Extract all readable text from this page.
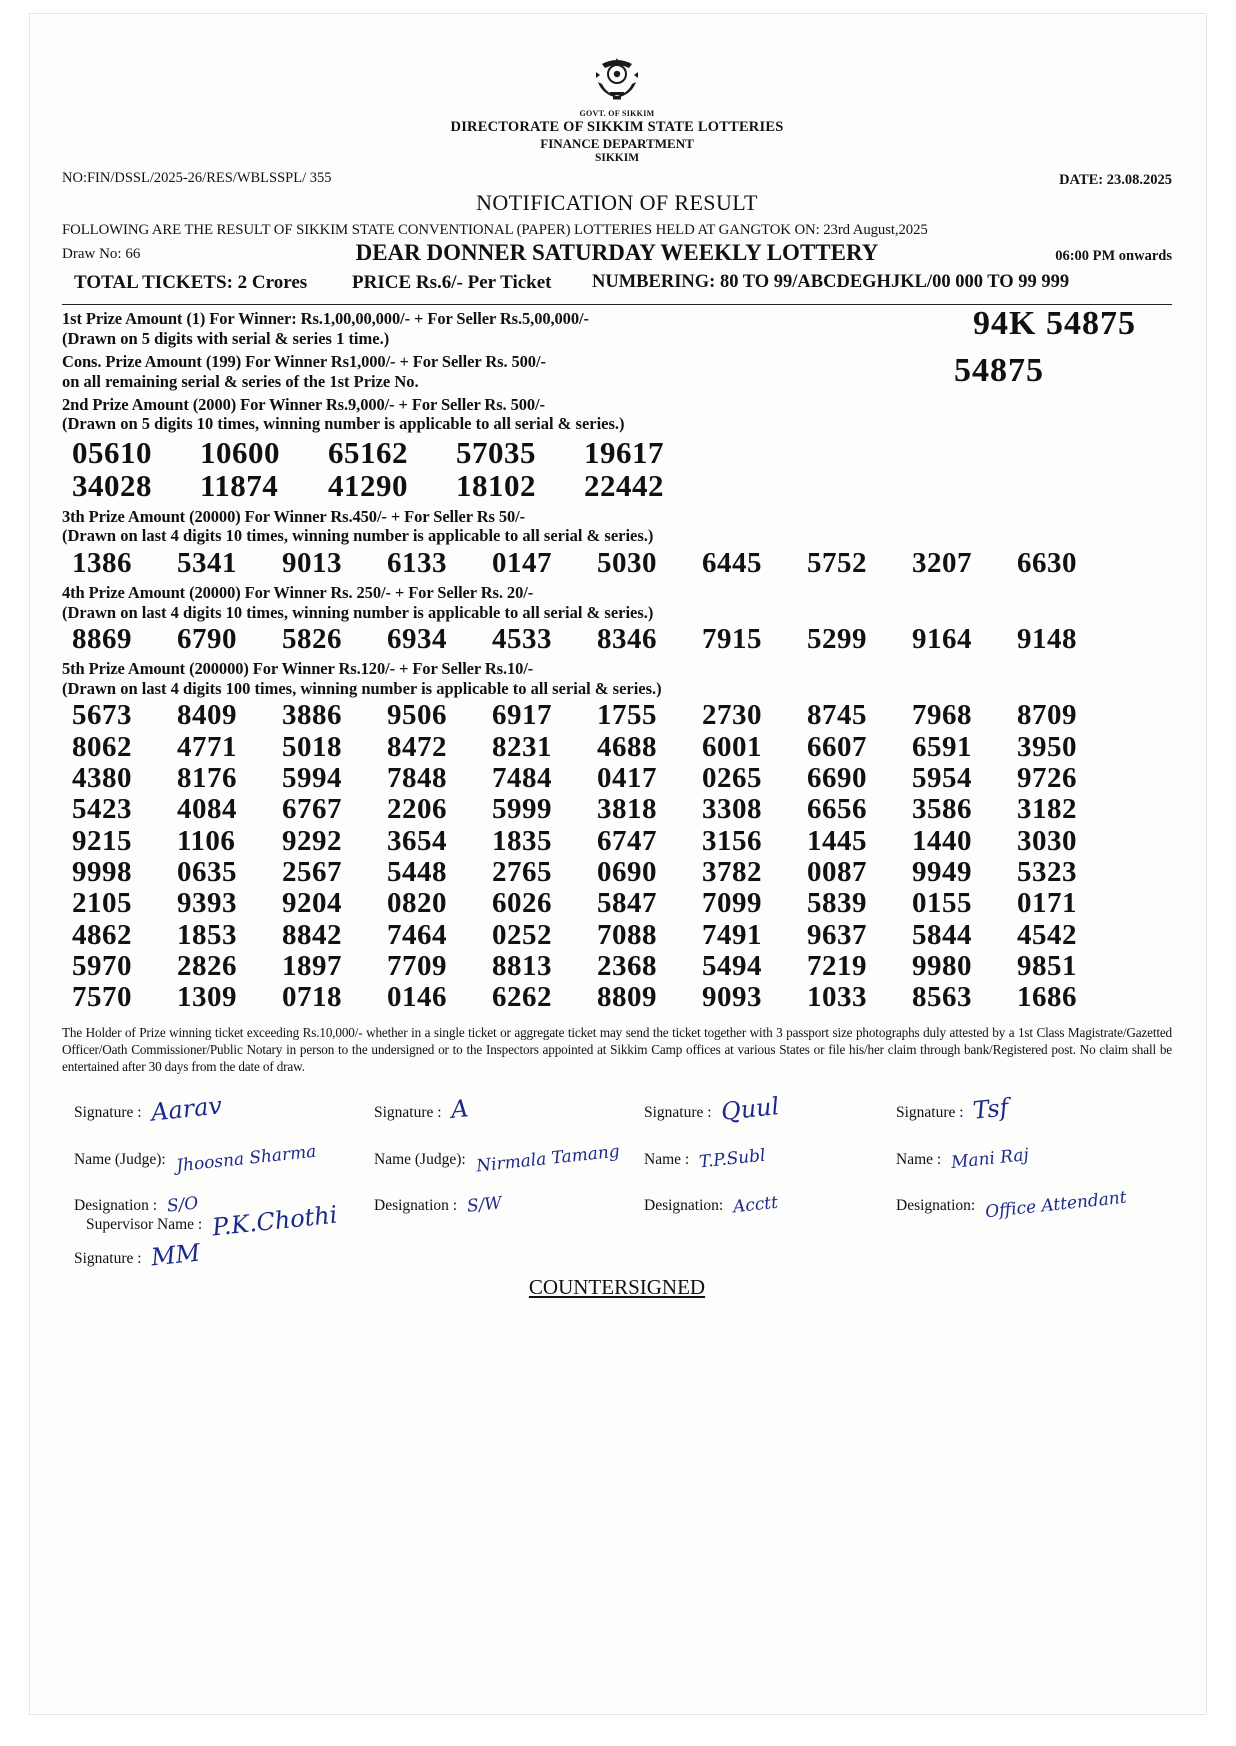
GOVT. OF SIKKIM
DIRECTORATE OF SIKKIM STATE LOTTERIES
FINANCE DEPARTMENT
SIKKIM
NO:FIN/DSSL/2025-26/RES/WBLSSPL/ 355	DATE: 23.08.2025
NOTIFICATION OF RESULT
FOLLOWING ARE THE RESULT OF SIKKIM STATE CONVENTIONAL (PAPER) LOTTERIES HELD AT GANGTOK ON: 23rd August,2025
Draw No: 66	DEAR DONNER SATURDAY WEEKLY LOTTERY	06:00 PM onwards
TOTAL TICKETS: 2 Crores PRICE Rs.6/- Per Ticket NUMBERING: 80 TO 99/ABCDEGHJKL/00 000 TO 99 999
1st Prize Amount (1) For Winner: Rs.1,00,00,000/- + For Seller Rs.5,00,000/-
(Drawn on 5 digits with serial & series 1 time.)	94K 54875
Cons. Prize Amount (199) For Winner Rs1,000/- + For Seller Rs. 500/-
on all remaining serial & series of the 1st Prize No.	54875
2nd Prize Amount (2000) For Winner Rs.9,000/- + For Seller Rs. 500/-
(Drawn on 5 digits 10 times, winning number is applicable to all serial & series.)
05610	10600	65162	57035	19617
34028	11874	41290	18102	22442
3th Prize Amount (20000) For Winner Rs.450/- + For Seller Rs 50/-
(Drawn on last 4 digits 10 times, winning number is applicable to all serial & series.)
1386	5341	9013	6133	0147	5030	6445	5752	3207	6630
4th Prize Amount (20000) For Winner Rs. 250/- + For Seller Rs. 20/-
(Drawn on last 4 digits 10 times, winning number is applicable to all serial & series.)
8869	6790	5826	6934	4533	8346	7915	5299	9164	9148
5th Prize Amount (200000) For Winner Rs.120/- + For Seller Rs.10/-
(Drawn on last 4 digits 100 times, winning number is applicable to all serial & series.)
5673	8409	3886	9506	6917	1755	2730	8745	7968	8709
8062	4771	5018	8472	8231	4688	6001	6607	6591	3950
4380	8176	5994	7848	7484	0417	0265	6690	5954	9726
5423	4084	6767	2206	5999	3818	3308	6656	3586	3182
9215	1106	9292	3654	1835	6747	3156	1445	1440	3030
9998	0635	2567	5448	2765	0690	3782	0087	9949	5323
2105	9393	9204	0820	6026	5847	7099	5839	0155	0171
4862	1853	8842	7464	0252	7088	7491	9637	5844	4542
5970	2826	1897	7709	8813	2368	5494	7219	9980	9851
7570	1309	0718	0146	6262	8809	9093	1033	8563	1686
The Holder of Prize winning ticket exceeding Rs.10,000/- whether in a single ticket or aggregate ticket may send the ticket together with 3 passport size photographs duly attested by a 1st Class Magistrate/Gazetted Officer/Oath Commissioner/Public Notary in person to the undersigned or to the Inspectors appointed at Sikkim Camp offices at various States or file his/her claim through bank/Registered post. No claim shall be entertained after 30 days from the date of draw.
Signature : Aarav
Name (Judge): Jhoosna Sharma
Designation : S/O
Signature : MM
Supervisor Name : P.K.Chothi
Signature : A
Name (Judge): Nirmala Tamang
Designation : S/W
Signature : Quul
Name : T.P.Subl
Designation: Acctt
Signature : Tsf
Name : Mani Raj
Designation: Office Attendant
COUNTERSIGNED
